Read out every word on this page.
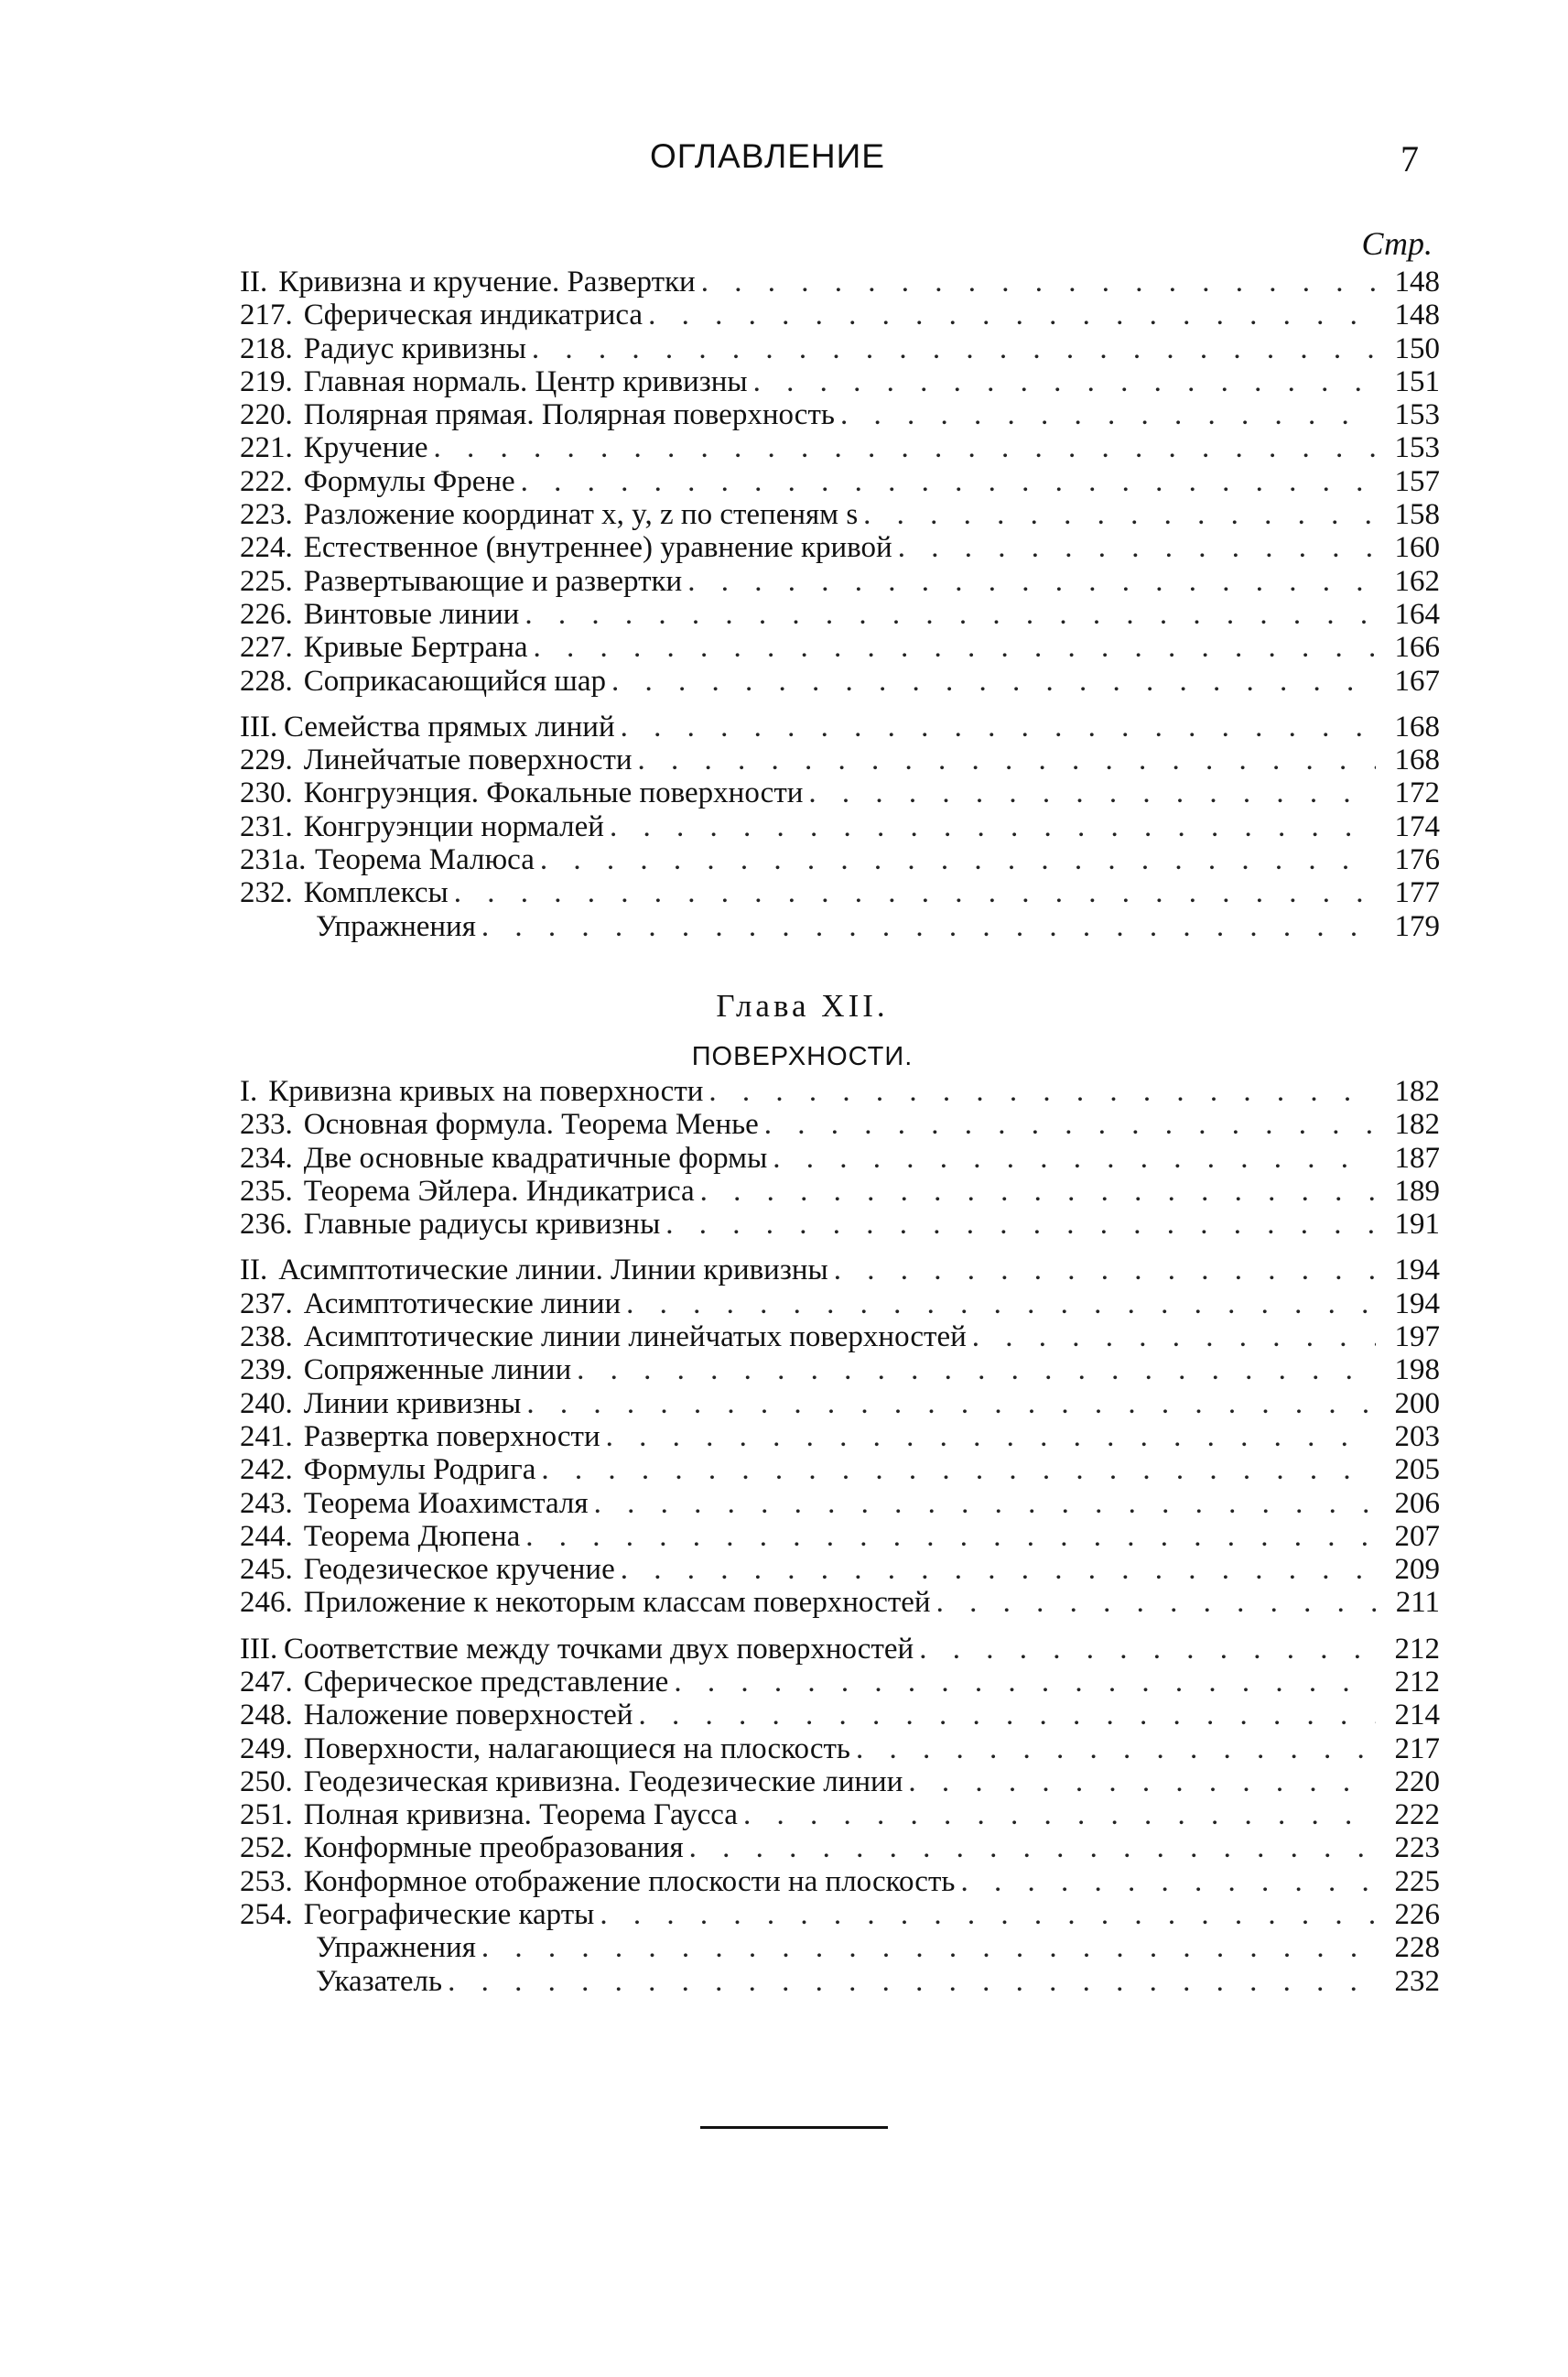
ОГЛАВЛЕНИЕ	7
Стр.
II. Кривизна и кручение. Развертки . . .	148
217. Сферическая индикатриса . . .	148
218. Радиус кривизны . . .	150
219. Главная нормаль. Центр кривизны . . .	151
220. Полярная прямая. Полярная поверхность . . .	153
221. Кручение . . .	153
222. Формулы Френе . . .	157
223. Разложение координат x, y, z по степеням s . . .	158
224. Естественное (внутреннее) уравнение кривой . . .	160
225. Развертывающие и развертки . . .	162
226. Винтовые линии . . .	164
227. Кривые Бертрана . . .	166
228. Соприкасающийся шар . . .	167
III. Семейства прямых линий . . .	168
229. Линейчатые поверхности . . .	168
230. Конгруэнция. Фокальные поверхности . . .	172
231. Конгруэнции нормалей . . .	174
231а. Теорема Малюса . . .	176
232. Комплексы . . .	177
Упражнения . . .	179
Глава XII.
ПОВЕРХНОСТИ.
I. Кривизна кривых на поверхности . . .	182
233. Основная формула. Теорема Менье . . .	182
234. Две основные квадратичные формы . . .	187
235. Теорема Эйлера. Индикатриса . . .	189
236. Главные радиусы кривизны . . .	191
II. Асимптотические линии. Линии кривизны . . .	194
237. Асимптотические линии . . .	194
238. Асимптотические линии линейчатых поверхностей . . .	197
239. Сопряженные линии . . .	198
240. Линии кривизны . . .	200
241. Развертка поверхности . . .	203
242. Формулы Родрига . . .	205
243. Теорема Иоахимсталя . . .	206
244. Теорема Дюпена . . .	207
245. Геодезическое кручение . . .	209
246. Приложение к некоторым классам поверхностей . . .	211
III. Соответствие между точками двух поверхностей . . .	212
247. Сферическое представление . . .	212
248. Наложение поверхностей . . .	214
249. Поверхности, налагающиеся на плоскость . . .	217
250. Геодезическая кривизна. Геодезические линии . . .	220
251. Полная кривизна. Теорема Гаусса . . .	222
252. Конформные преобразования . . .	223
253. Конформное отображение плоскости на плоскость . . .	225
254. Географические карты . . .	226
Упражнения . . .	228
Указатель . . .	232
